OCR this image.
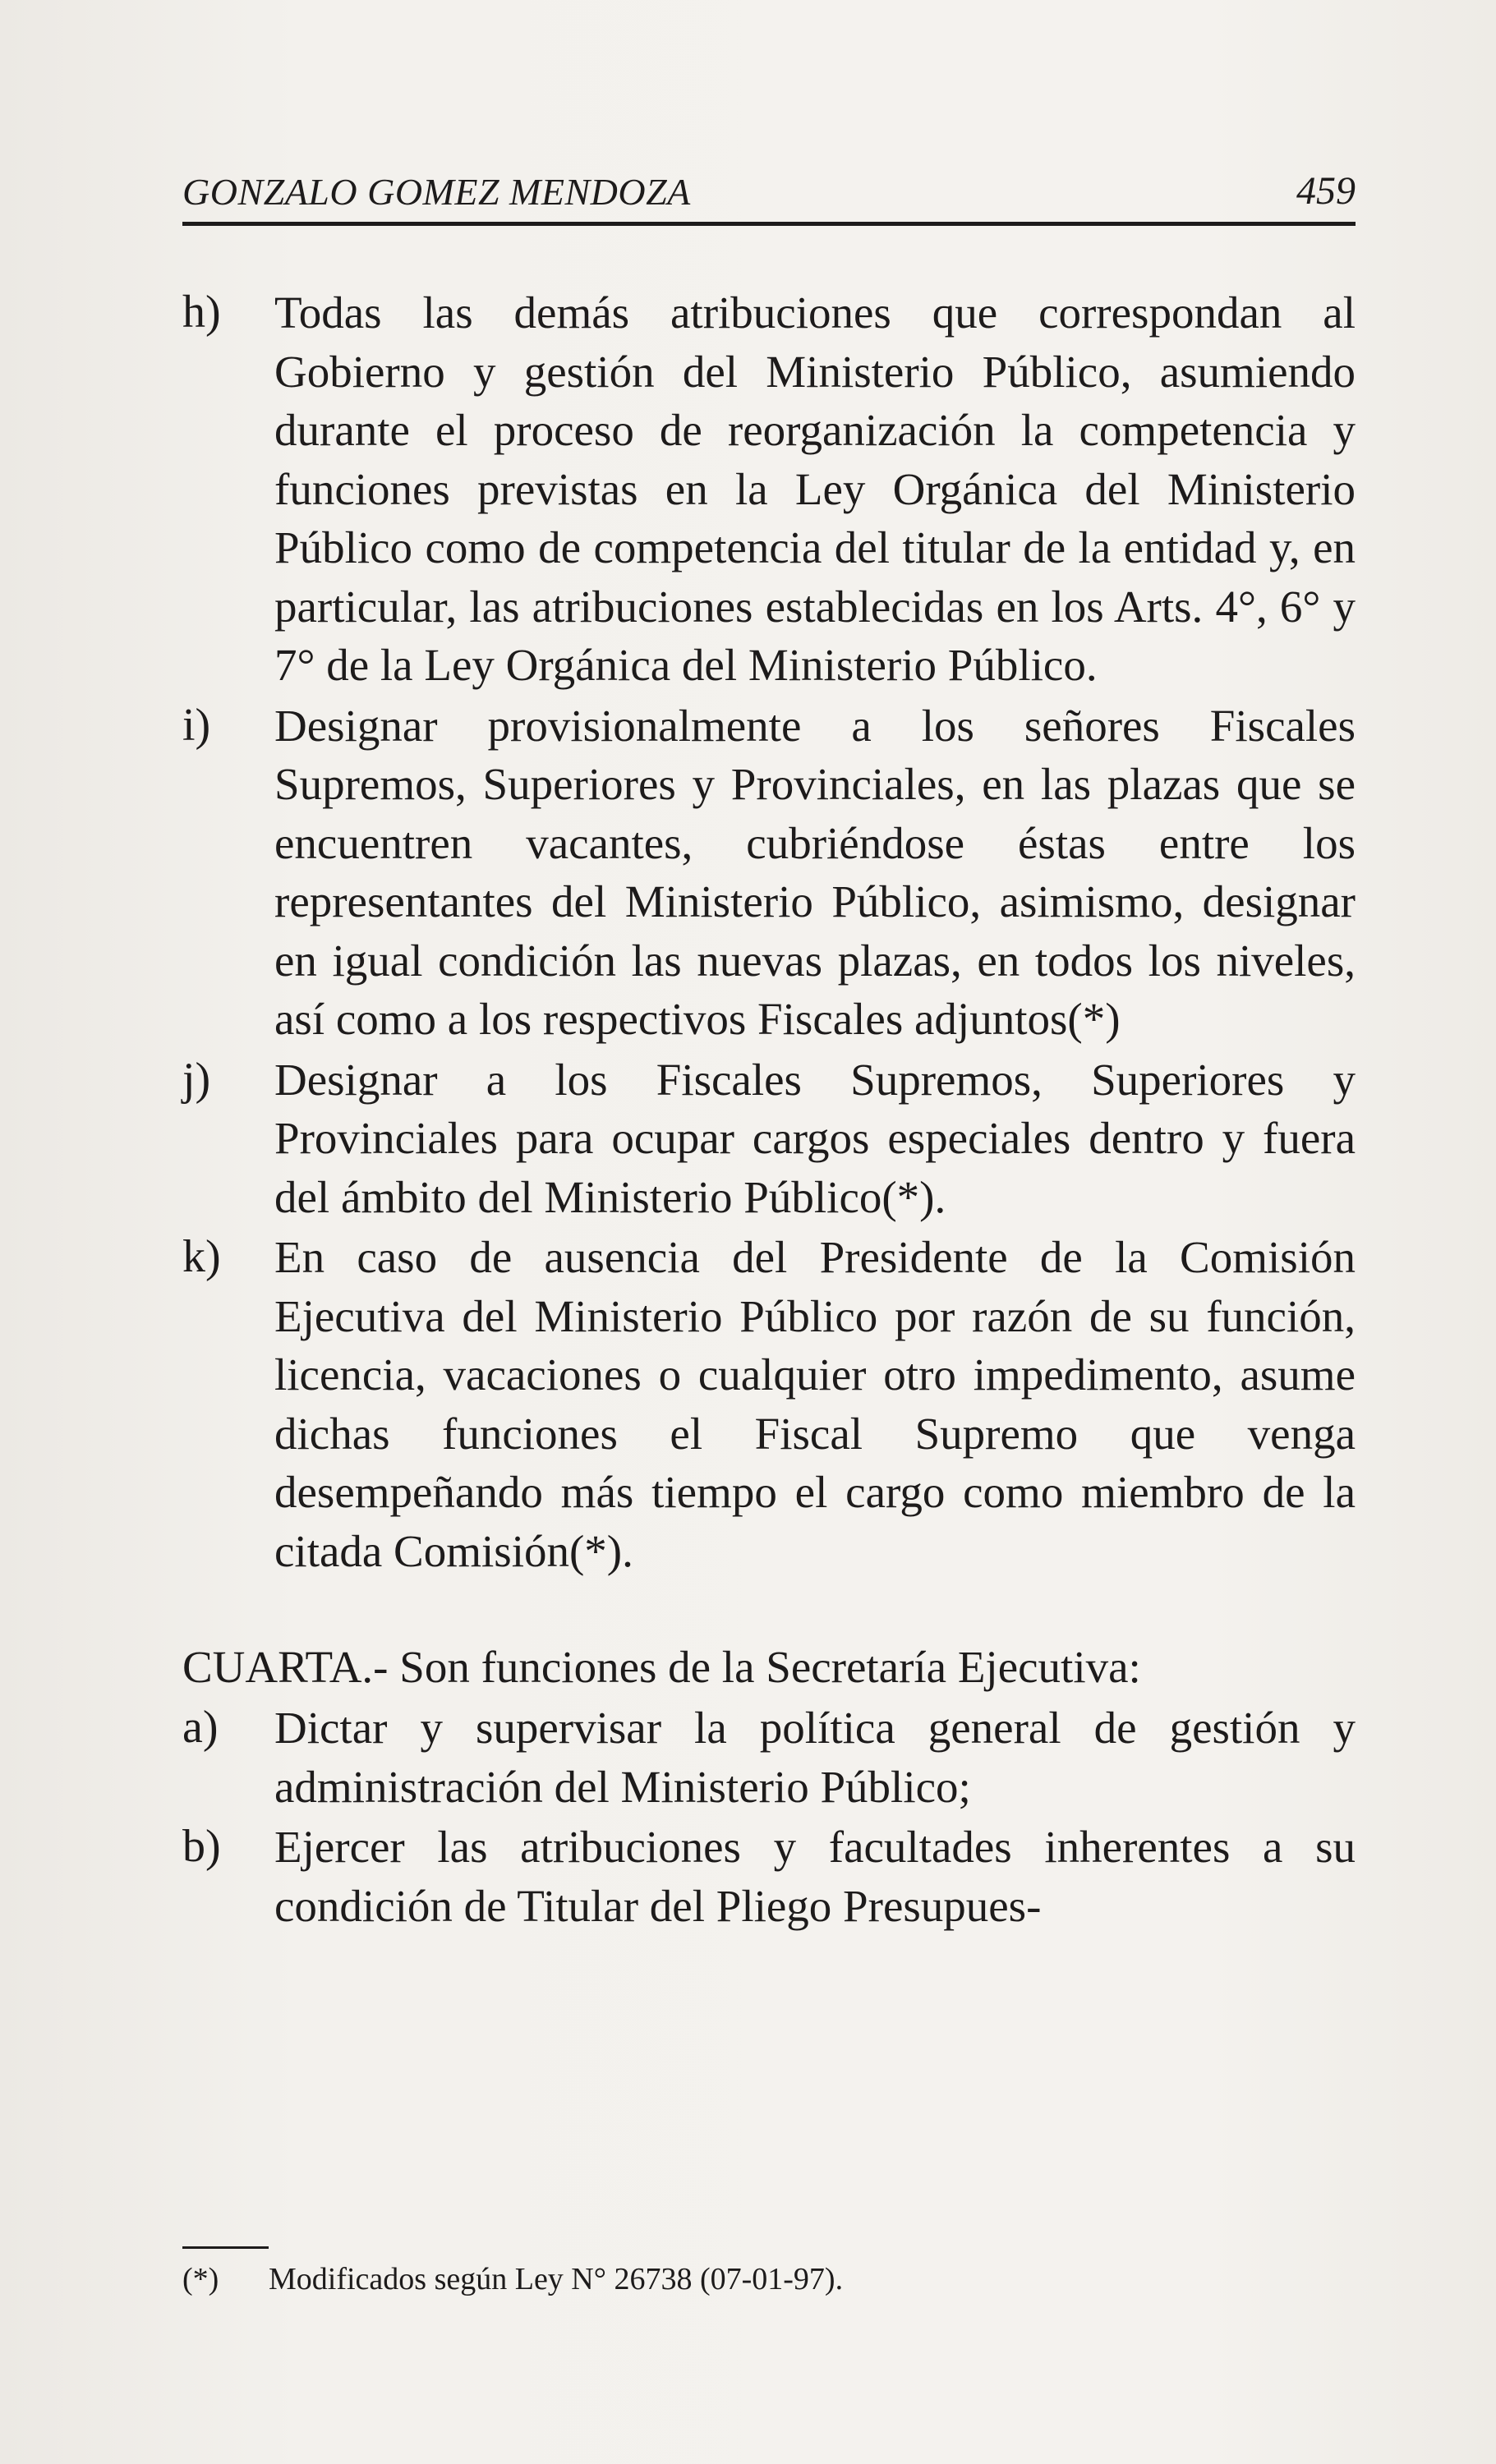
GONZALO GOMEZ MENDOZA	459
h) Todas las demás atribuciones que correspondan al Gobierno y gestión del Ministerio Público, asumiendo durante el proceso de reorganización la competencia y funciones previstas en la Ley Orgánica del Ministerio Público como de competencia del titular de la entidad y, en particular, las atribuciones establecidas en los Arts. 4°, 6° y 7° de la Ley Orgánica del Ministerio Público.
i) Designar provisionalmente a los señores Fiscales Supremos, Superiores y Provinciales, en las plazas que se encuentren vacantes, cubriéndose éstas entre los representantes del Ministerio Público, asimismo, designar en igual condición las nuevas plazas, en todos los niveles, así como a los respectivos Fiscales adjuntos(*)
j) Designar a los Fiscales Supremos, Superiores y Provinciales para ocupar cargos especiales dentro y fuera del ámbito del Ministerio Público(*).
k) En caso de ausencia del Presidente de la Comisión Ejecutiva del Ministerio Público por razón de su función, licencia, vacaciones o cualquier otro impedimento, asume dichas funciones el Fiscal Supremo que venga desempeñando más tiempo el cargo como miembro de la citada Comisión(*).
CUARTA.- Son funciones de la Secretaría Ejecutiva:
a) Dictar y supervisar la política general de gestión y administración del Ministerio Público;
b) Ejercer las atribuciones y facultades inherentes a su condición de Titular del Pliego Presupues-
(*) Modificados según Ley N° 26738 (07-01-97).
